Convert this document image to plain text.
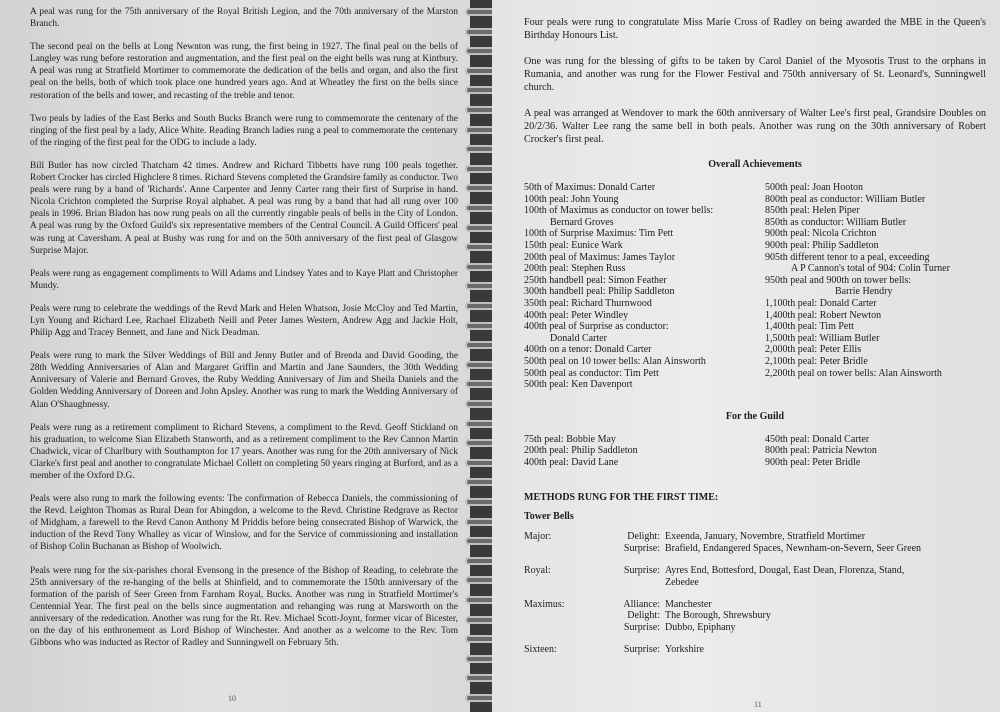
A peal was rung for the 75th anniversary of the Royal British Legion, and the 70th anniversary of the Marston Branch.

The second peal on the bells at Long Newnton was rung, the first being in 1927. The final peal on the bells of Langley was rung before restoration and augmentation, and the first peal on the eight bells was rung at Kintbury. A peal was rung at Stratfield Mortimer to commemorate the dedication of the bells and organ, and also the first peal on the bells, both of which took place one hundred years ago. And at Wheatley the first on the bells since restoration of the bells and tower, and recasting of the treble and tenor.

Two peals by ladies of the East Berks and South Bucks Branch were rung to commemorate the centenary of the ringing of the first peal by a lady, Alice White. Reading Branch ladies rung a peal to commemorate the centenary of the ringing of the first peal for the ODG to include a lady.

Bill Butler has now circled Thatcham 42 times. Andrew and Richard Tibbetts have rung 100 peals together. Robert Crocker has circled Highclere 8 times. Richard Stevens completed the Grandsire family as conductor. Two peals were rung by a band of 'Richards'. Anne Carpenter and Jenny Carter rang their first of Surprise in hand. Nicola Crichton completed the Surprise Royal alphabet. A peal was rung by a band that had all rung over 100 peals in 1996. Brian Bladon has now rung peals on all the currently ringable peals of bells in the City of London. A peal was rung by the Oxford Guild's six representative members of the Central Council. A Guild Officers' peal was rung at Caversham. A peal at Bushy was rung for and on the 50th anniversary of the first peal of Glasgow Surprise Major.

Peals were rung as engagement compliments to Will Adams and Lindsey Yates and to Kaye Platt and Christopher Mundy.

Peals were rung to celebrate the weddings of the Revd Mark and Helen Whatson, Josie McCloy and Ted Martin, Lyn Young and Richard Lee, Rachael Elizabeth Neill and Peter James Western, Andrew Agg and Jackie Holt, Philip Agg and Tracey Bennett, and Jane and Nick Deadman.

Peals were rung to mark the Silver Weddings of Bill and Jenny Butler and of Brenda and David Gooding, the 28th Wedding Anniversaries of Alan and Margaret Griffin and Martin and Jane Saunders, the 30th Wedding Anniversary of Valerie and Bernard Groves, the Ruby Wedding Anniversary of Jim and Sheila Daniels and the Golden Wedding Anniversary of Doreen and John Apsley. Another was rung to mark the Wedding Anniversary of Alan O'Shaughnessy.

Peals were rung as a retirement compliment to Richard Stevens, a compliment to the Revd. Geoff Stickland on his graduation, to welcome Sian Elizabeth Stanworth, and as a retirement compliment to the Rev Cannon Martin Chadwick, vicar of Charlbury with Southampton for 17 years. Another was rung for the 20th anniversary of Nick Clarke's first peal and another to congratulate Michael Collett on completing 50 years ringing at Burford, and as a member of the Oxford D.G.

Peals were also rung to mark the following events: The confirmation of Rebecca Daniels, the commissioning of the Revd. Leighton Thomas as Rural Dean for Abingdon, a welcome to the Revd. Christine Redgrave as Rector of Midgham, a farewell to the Revd Canon Anthony M Priddis before being consecrated Bishop of Warwick, the induction of the Revd Tony Whalley as vicar of Winslow, and for the Service of commissioning and installation of Bishop Colin Buchanan as Bishop of Woolwich.

Peals were rung for the six-parishes choral Evensong in the presence of the Bishop of Reading, to celebrate the 25th anniversary of the re-hanging of the bells at Shinfield, and to commemorate the 150th anniversary of the formation of the parish of Seer Green from Farnham Royal, Bucks. Another was rung in Stratfield Mortimer's Centennial Year. The first peal on the bells since augmentation and rehanging was rung at Marsworth on the anniversary of the rededication. Another was rung for the Rt. Rev. Michael Scott-Joynt, former vicar of Bicester, on the day of his enthronement as Lord Bishop of Winchester. And another as a welcome to the Rev. Tom Gibbons who was inducted as Rector of Radley and Sunningwell on February 5th.

10

Four peals were rung to congratulate Miss Marie Cross of Radley on being awarded the MBE in the Queen's Birthday Honours List.

One was rung for the blessing of gifts to be taken by Carol Daniel of the Myosotis Trust to the orphans in Rumania, and another was rung for the Flower Festival and 750th anniversary of St. Leonard's, Sunningwell church.

A peal was arranged at Wendover to mark the 60th anniversary of Walter Lee's first peal, Grandsire Doubles on 20/2/36. Walter Lee rang the same bell in both peals. Another was rung on the 30th anniversary of Robert Crocker's first peal.

Overall Achievements
50th of Maximus: Donald Carter
100th peal: John Young
100th of Maximus as conductor on tower bells:
Bernard Groves
100th of Surprise Maximus: Tim Pett
150th peal: Eunice Wark
200th peal of Maximus: James Taylor
200th peal: Stephen Russ
250th handbell peal: Simon Feather
300th handbell peal: Philip Saddleton
350th peal: Richard Thurnwood
400th peal: Peter Windley
400th peal of Surprise as conductor:
Donald Carter
400th on a tenor: Donald Carter
500th peal on 10 tower bells: Alan Ainsworth
500th peal as conductor: Tim Pett
500th peal: Ken Davenport
500th peal: Joan Hooton
800th peal as conductor: William Butler
850th peal: Helen Piper
850th as conductor: William Butler
900th peal: Nicola Crichton
900th peal: Philip Saddleton
905th different tenor to a peal, exceeding
A P Cannon's total of 904: Colin Turner
950th peal and 900th on tower bells:
Barrie Hendry
1,100th peal: Donald Carter
1,400th peal: Robert Newton
1,400th peal: Tim Pett
1,500th peal: William Butler
2,000th peal: Peter Ellis
2,100th peal: Peter Bridle
2,200th peal on tower bells: Alan Ainsworth
For the Guild
75th peal: Bobbie May
200th peal: Philip Saddleton
400th peal: David Lane
450th peal: Donald Carter
800th peal: Patricia Newton
900th peal: Peter Bridle
METHODS RUNG FOR THE FIRST TIME:
Tower Bells
Major:	Delight: Exeenda, January, Novembre, Stratfield Mortimer
Surprise: Brafield, Endangered Spaces, Newnham-on-Severn, Seer Green
Royal:	Surprise: Ayres End, Bottesford, Dougal, East Dean, Florenza, Stand,
Zebedee
Maximus:	Alliance: Manchester
Delight: The Borough, Shrewsbury
Surprise: Dubbo, Epiphany
Sixteen:	Surprise: Yorkshire
11
